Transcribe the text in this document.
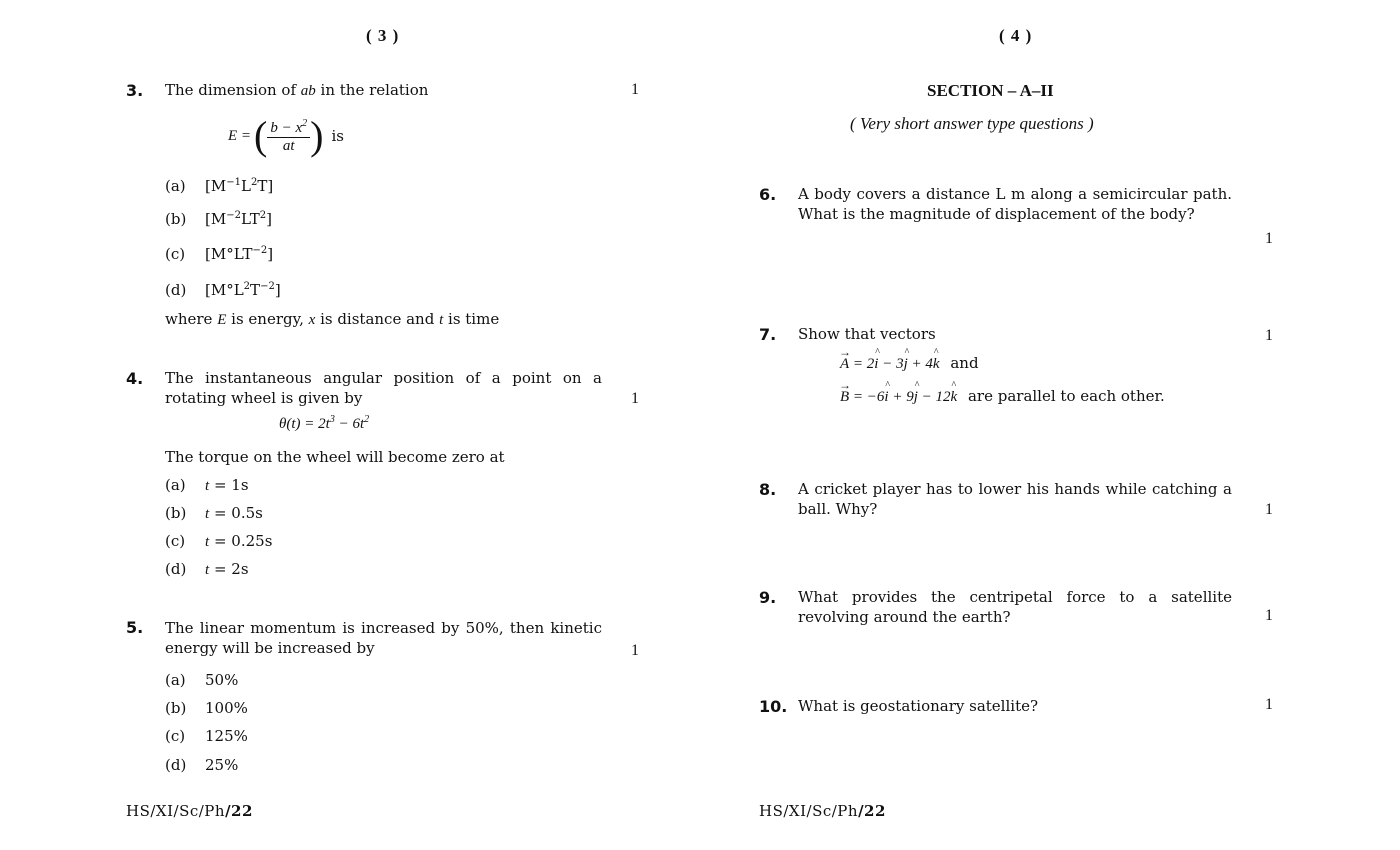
( 3 )
3. The dimension of ab in the relation	1
E = ( $\frac{b - x^2}{at}$ ) is
(a) $[M^{-1}L^2T]$
(b) $[M^{-2}LT^2]$
(c) $[M^\circ LT^{-2}]$
(d) $[M^\circ L^2T^{-2}]$
where E is energy, x is distance and t is time
4. The instantaneous angular position of a point on a rotating wheel is given by	1
$\theta(t) = 2t^3 - 6t^2$
The torque on the wheel will become zero at
(a) t = 1s
(b) t = 0.5s
(c) t = 0.25s
(d) t = 2s
5. The linear momentum is increased by 50%, then kinetic energy will be increased by	1
(a) 50%
(b) 100%
(c) 125%
(d) 25%
HS/XI/Sc/Ph/22
( 4 )
SECTION – A–II
( Very short answer type questions )
6. A body covers a distance L m along a semicircular path. What is the magnitude of displacement of the body?
1
7. Show that vectors	1
→ A = 2^ i − 3^ j + 4^ k and
→ B = −6^ i + 9^ j − 12^ k are parallel to each other.
8. A cricket player has to lower his hands while catching a ball. Why?	1
9. What provides the centripetal force to a satellite revolving around the earth?	1
10. What is geostationary satellite?	1
HS/XI/Sc/Ph/22
